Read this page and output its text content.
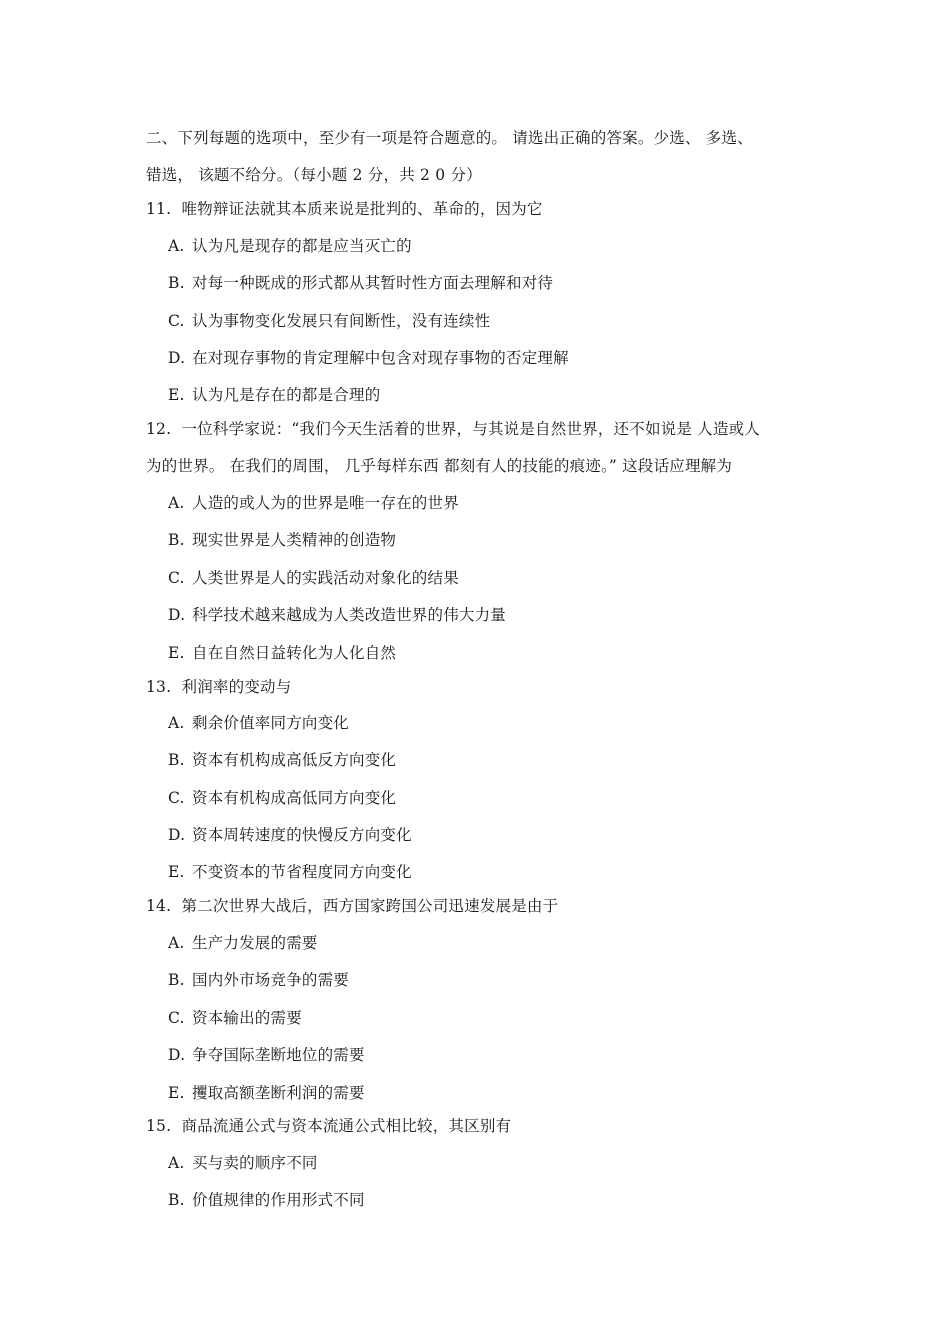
二、下列每题的选项中，至少有一项是符合题意的。 请选出正确的答案。少选、 多选、
错选， 该题不给分。（每小题 2 分，共 2 0 分）
11. 唯物辩证法就其本质来说是批判的、革命的，因为它
A. 认为凡是现存的都是应当灭亡的
B. 对每一种既成的形式都从其暂时性方面去理解和对待
C. 认为事物变化发展只有间断性，没有连续性
D. 在对现存事物的肯定理解中包含对现存事物的否定理解
E. 认为凡是存在的都是合理的
12. 一位科学家说：“我们今天生活着的世界，与其说是自然世界，还不如说是 人造或人
为的世界。 在我们的周围， 几乎每样东西 都刻有人的技能的痕迹。” 这段话应理解为
A. 人造的或人为的世界是唯一存在的世界
B. 现实世界是人类精神的创造物
C. 人类世界是人的实践活动对象化的结果
D. 科学技术越来越成为人类改造世界的伟大力量
E. 自在自然日益转化为人化自然
13. 利润率的变动与
A. 剩余价值率同方向变化
B. 资本有机构成高低反方向变化
C. 资本有机构成高低同方向变化
D. 资本周转速度的快慢反方向变化
E. 不变资本的节省程度同方向变化
14. 第二次世界大战后，西方国家跨国公司迅速发展是由于
A. 生产力发展的需要
B. 国内外市场竞争的需要
C. 资本输出的需要
D. 争夺国际垄断地位的需要
E. 攫取高额垄断利润的需要
15. 商品流通公式与资本流通公式相比较，其区别有
A. 买与卖的顺序不同
B. 价值规律的作用形式不同
